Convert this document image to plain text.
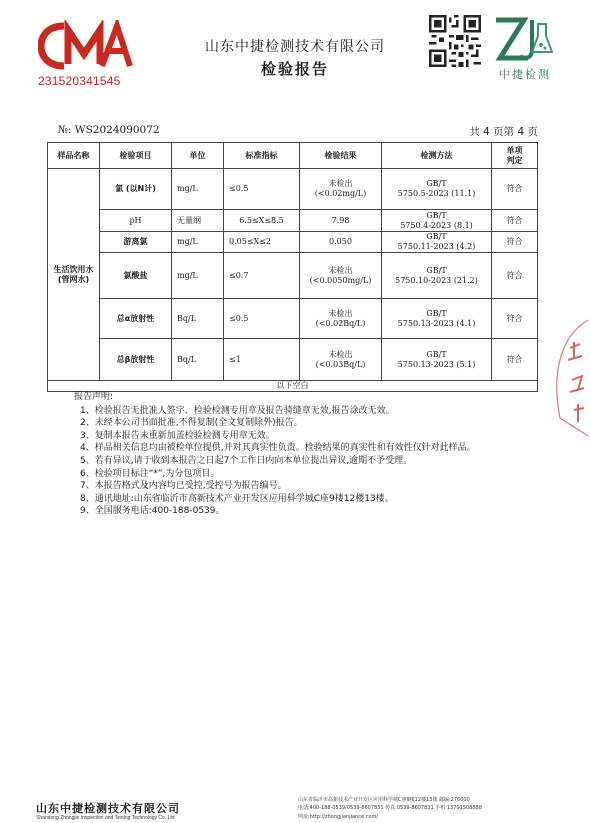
231520341545
山东中捷检测技术有限公司
检验报告	中捷检测
№: WS2024090072	共 4 页第 4 页
样品名称	检验项目	单位	标准指标	检验结果	检测方法	单项
判定
生活饮用水
(管网水)	氯 (以N计)	mg/L	≤0.5	未检出
(<0.02mg/L)	GB/T
5750.5-2023 (11.1)	符合
	pH	无量纲	6.5≤X≤8.5	7.98	GB/T
5750.4-2023 (8.1)	符合
	游离氯	mg/L	0.05≤X≤2	0.050	GB/T
5750.11-2023 (4.2)	符合
	氯酸盐	mg/L	≤0.7	未检出
(<0.0050mg/L)	GB/T
5750.10-2023 (21.2)	符合
	总α放射性	Bq/L	≤0.5	未检出
(<0.02Bq/L)	GB/T
5750.13-2023 (4.1)	符合
	总β放射性	Bq/L	≤1	未检出
(<0.03Bq/L)	GB/T
5750.13-2023 (5.1)	符合
以下空白						
报告声明:
1、检验报告无批准人签字、检验检测专用章及报告骑缝章无效,报告涂改无效。
2、未经本公司书面批准,不得复制(全文复制除外)报告。
3、复制本报告未重新加盖检验检测专用章无效。
4、样品相关信息均由被检单位提供,并对其真实性负责。检验结果的真实性和有效性仅针对此样品。
5、若有异议,请于收到本报告之日起7个工作日内向本单位提出异议,逾期不予受理。
6、检验项目标注“*”,为分包项目。
7、本报告格式及内容均已受控,受控号为报告编号。
8、通讯地址:山东省临沂市高新技术产业开发区应用科学城C座9楼12楼13楼。
9、全国服务电话:400-188-0539。
山东中捷检测技术有限公司
Shandong Zhongjie Inspection and Testing Technology Co.,Ltd
山东省临沂市高新技术产业开发区应用科学城C座9楼12楼13楼 邮编:276000
电话:400-188-0539/0539-8607831 传真:0539-8607831 手机:13791508888
网址:http://zhongjianjiance.com/
